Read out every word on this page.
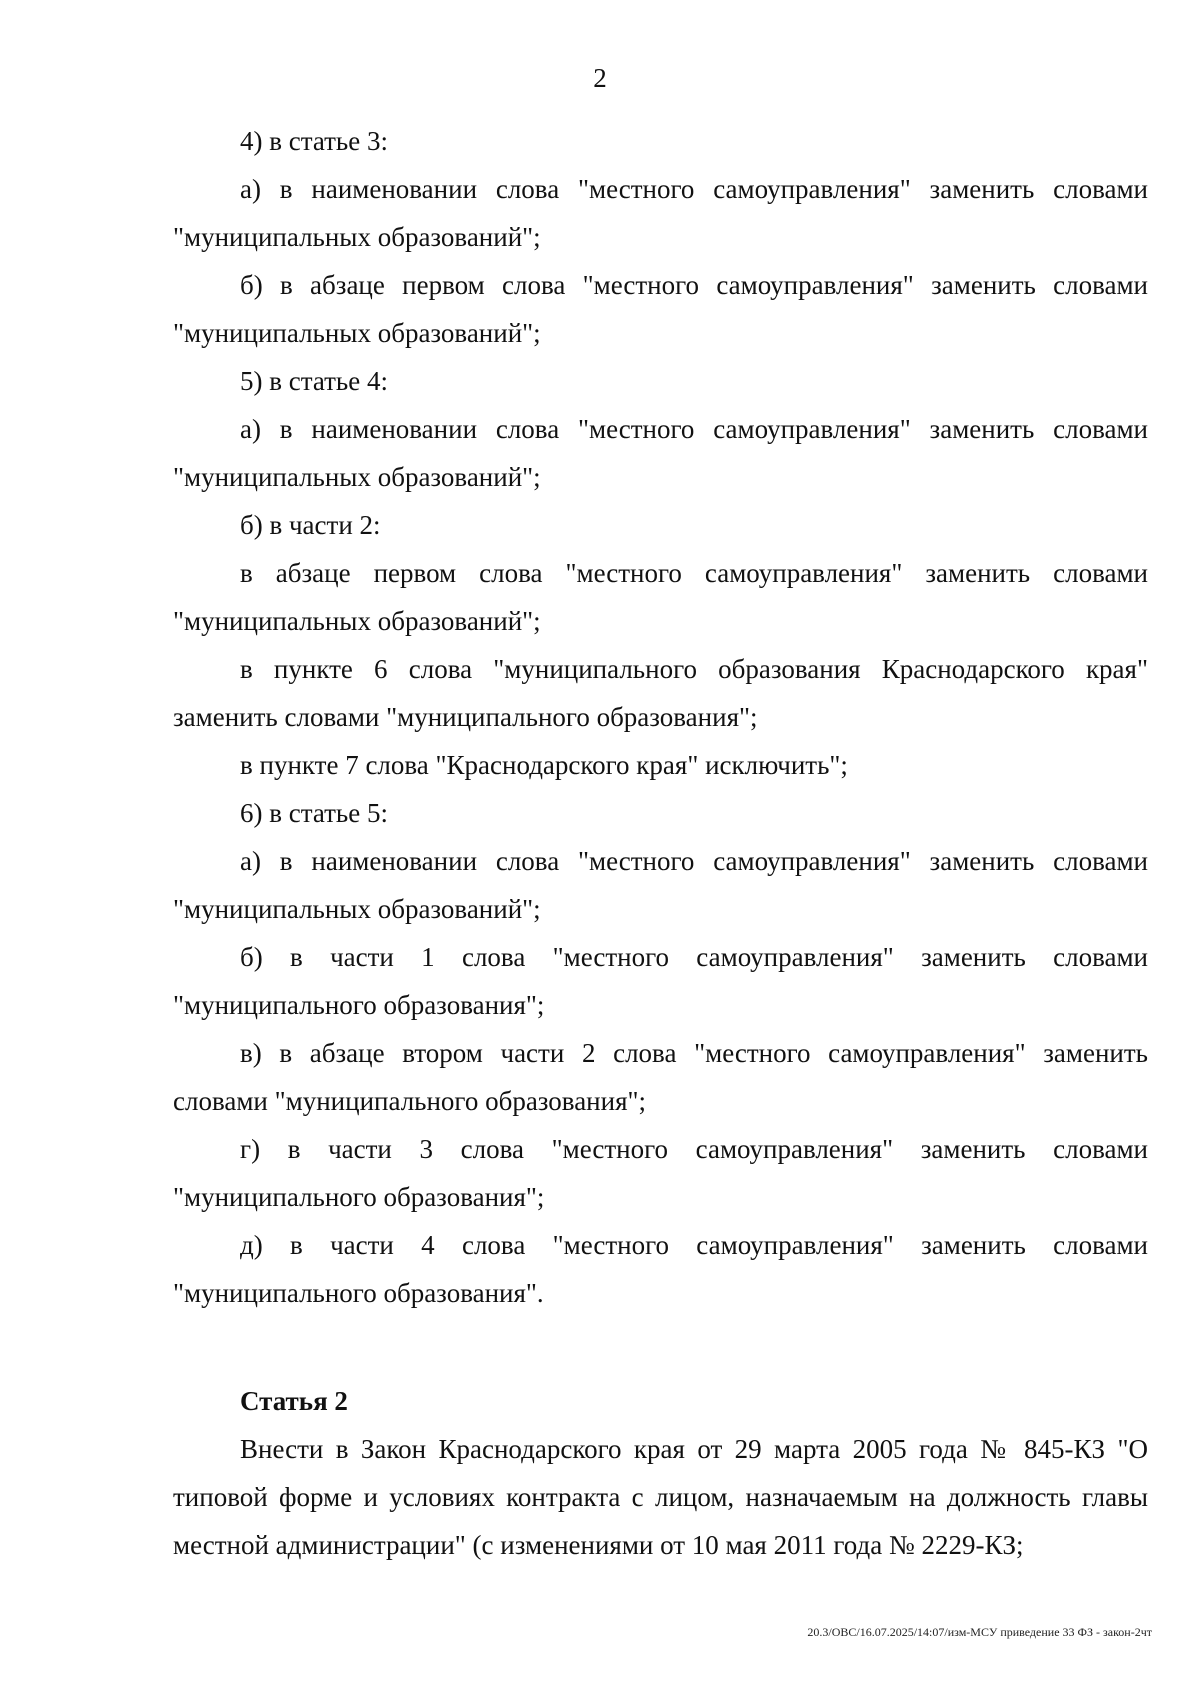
2

4) в статье 3:

а) в наименовании слова "местного самоуправления" заменить словами "муниципальных образований";

б) в абзаце первом слова "местного самоуправления" заменить словами "муниципальных образований";

5) в статье 4:

а) в наименовании слова "местного самоуправления" заменить словами "муниципальных образований";

б) в части 2:

в абзаце первом слова "местного самоуправления" заменить словами "муниципальных образований";

в пункте 6 слова "муниципального образования Краснодарского края" заменить словами "муниципального образования";

в пункте 7 слова "Краснодарского края" исключить";

6) в статье 5:

а) в наименовании слова "местного самоуправления" заменить словами "муниципальных образований";

б) в части 1 слова "местного самоуправления" заменить словами "муниципального образования";

в) в абзаце втором части 2 слова "местного самоуправления" заменить словами "муниципального образования";

г) в части 3 слова "местного самоуправления" заменить словами "муниципального образования";

д) в части 4 слова "местного самоуправления" заменить словами "муниципального образования".

Статья 2

Внести в Закон Краснодарского края от 29 марта 2005 года № 845-КЗ "О типовой форме и условиях контракта с лицом, назначаемым на должность главы местной администрации" (с изменениями от 10 мая 2011 года № 2229-КЗ;

20.3/ОВС/16.07.2025/14:07/изм-МСУ приведение 33 ФЗ - закон-2чт
